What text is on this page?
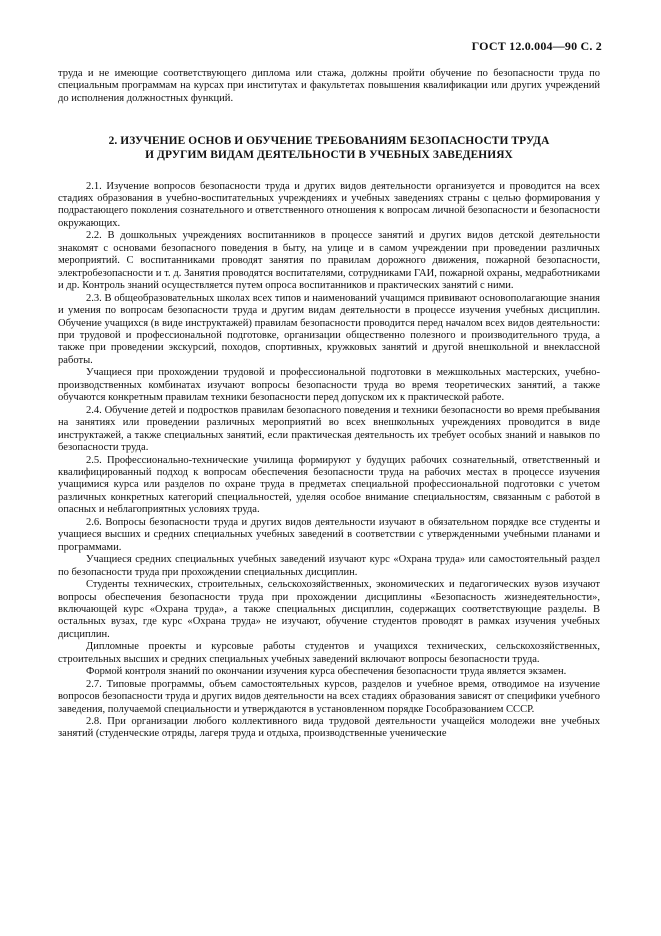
ГОСТ 12.0.004—90 С. 2

труда и не имеющие соответствующего диплома или стажа, должны пройти обучение по безопасности труда по специальным программам на курсах при институтах и факультетах повышения квалификации или других учреждений до исполнения должностных функций.

2. ИЗУЧЕНИЕ ОСНОВ И ОБУЧЕНИЕ ТРЕБОВАНИЯМ БЕЗОПАСНОСТИ ТРУДА
И ДРУГИМ ВИДАМ ДЕЯТЕЛЬНОСТИ В УЧЕБНЫХ ЗАВЕДЕНИЯХ

2.1. Изучение вопросов безопасности труда и других видов деятельности организуется и проводится на всех стадиях образования в учебно-воспитательных учреждениях и учебных заведениях страны с целью формирования у подрастающего поколения сознательного и ответственного отношения к вопросам личной безопасности и безопасности окружающих.

2.2. В дошкольных учреждениях воспитанников в процессе занятий и других видов детской деятельности знакомят с основами безопасного поведения в быту, на улице и в самом учреждении при проведении различных мероприятий. С воспитанниками проводят занятия по правилам дорожного движения, пожарной безопасности, электробезопасности и т. д. Занятия проводятся воспитателями, сотрудниками ГАИ, пожарной охраны, медработниками и др. Контроль знаний осуществляется путем опроса воспитанников и практических занятий с ними.

2.3. В общеобразовательных школах всех типов и наименований учащимся прививают основополагающие знания и умения по вопросам безопасности труда и другим видам деятельности в процессе изучения учебных дисциплин. Обучение учащихся (в виде инструктажей) правилам безопасности проводится перед началом всех видов деятельности: при трудовой и профессиональной подготовке, организации общественно полезного и производительного труда, а также при проведении экскурсий, походов, спортивных, кружковых занятий и другой внешкольной и внеклассной работы.

Учащиеся при прохождении трудовой и профессиональной подготовки в межшкольных мастерских, учебно-производственных комбинатах изучают вопросы безопасности труда во время теоретических занятий, а также обучаются конкретным правилам техники безопасности перед допуском их к практической работе.

2.4. Обучение детей и подростков правилам безопасного поведения и техники безопасности во время пребывания на занятиях или проведении различных мероприятий во всех внешкольных учреждениях проводится в виде инструктажей, а также специальных занятий, если практическая деятельность их требует особых знаний и навыков по безопасности труда.

2.5. Профессионально-технические училища формируют у будущих рабочих сознательный, ответственный и квалифицированный подход к вопросам обеспечения безопасности труда на рабочих местах в процессе изучения учащимися курса или разделов по охране труда в предметах специальной профессиональной подготовки с учетом различных конкретных категорий специальностей, уделяя особое внимание специальностям, связанным с работой в опасных и неблагоприятных условиях труда.

2.6. Вопросы безопасности труда и других видов деятельности изучают в обязательном порядке все студенты и учащиеся высших и средних специальных учебных заведений в соответствии с утвержденными учебными планами и программами.

Учащиеся средних специальных учебных заведений изучают курс «Охрана труда» или самостоятельный раздел по безопасности труда при прохождении специальных дисциплин.

Студенты технических, строительных, сельскохозяйственных, экономических и педагогических вузов изучают вопросы обеспечения безопасности труда при прохождении дисциплины «Безопасность жизнедеятельности», включающей курс «Охрана труда», а также специальных дисциплин, содержащих соответствующие разделы. В остальных вузах, где курс «Охрана труда» не изучают, обучение студентов проводят в рамках изучения учебных дисциплин.

Дипломные проекты и курсовые работы студентов и учащихся технических, сельскохозяйственных, строительных высших и средних специальных учебных заведений включают вопросы безопасности труда.

Формой контроля знаний по окончании изучения курса обеспечения безопасности труда является экзамен.

2.7. Типовые программы, объем самостоятельных курсов, разделов и учебное время, отводимое на изучение вопросов безопасности труда и других видов деятельности на всех стадиях образования зависят от специфики учебного заведения, получаемой специальности и утверждаются в установленном порядке Гособразованием СССР.

2.8. При организации любого коллективного вида трудовой деятельности учащейся молодежи вне учебных занятий (студенческие отряды, лагеря труда и отдыха, производственные ученические
